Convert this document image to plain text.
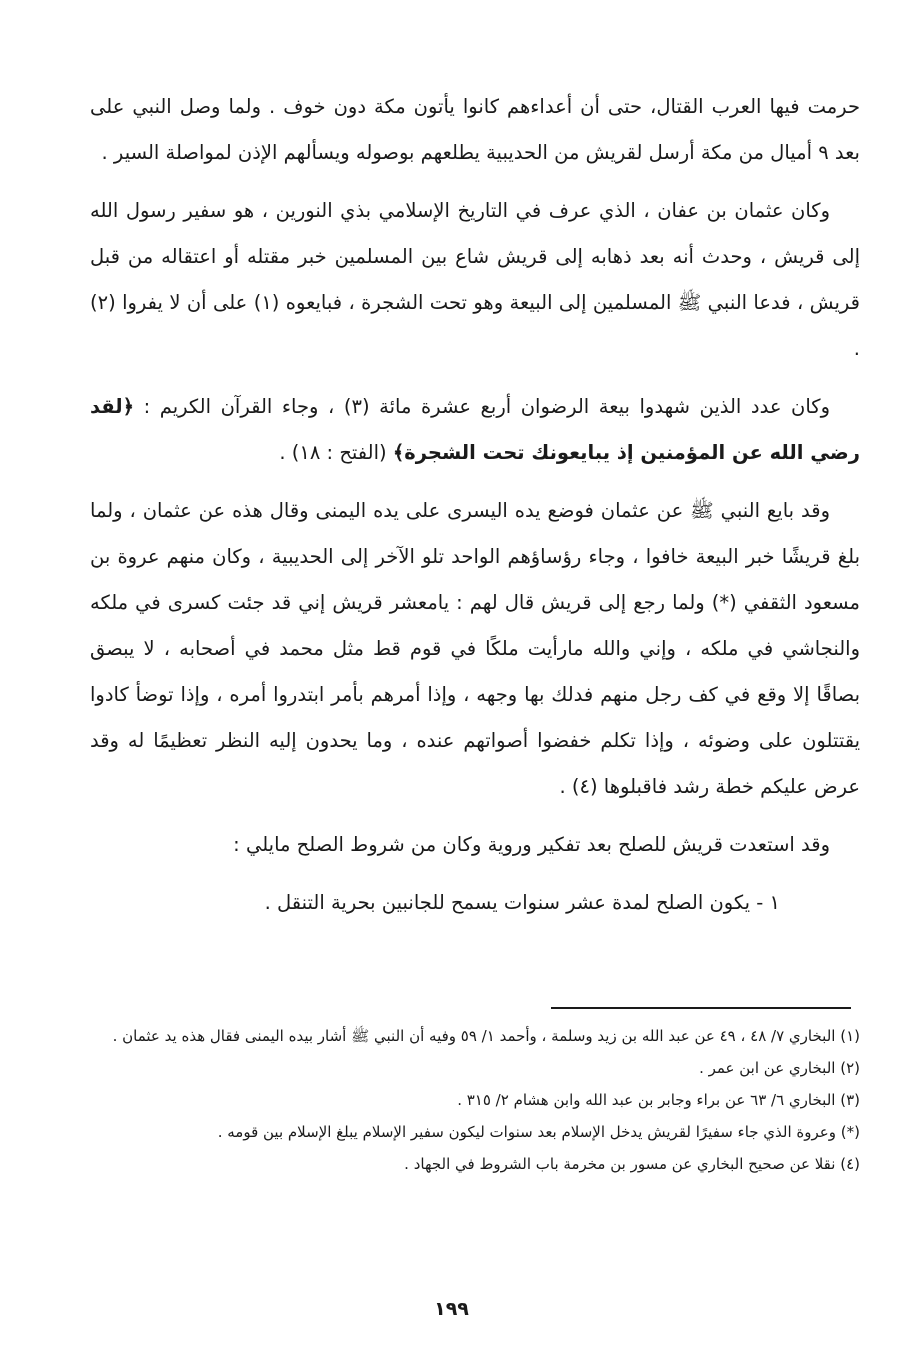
حرمت فيها العرب القتال، حتى أن أعداءهم كانوا يأتون مكة دون خوف . ولما وصل النبي على بعد ٩ أميال من مكة أرسل لقريش من الحديبية يطلعهم بوصوله ويسألهم الإذن لمواصلة السير .

وكان عثمان بن عفان ، الذي عرف في التاريخ الإسلامي بذي النورين ، هو سفير رسول الله إلى قريش ، وحدث أنه بعد ذهابه إلى قريش شاع بين المسلمين خبر مقتله أو اعتقاله من قبل قريش ، فدعا النبي ﷺ المسلمين إلى البيعة وهو تحت الشجرة ، فبايعوه (١) على أن لا يفروا (٢) .

وكان عدد الذين شهدوا بيعة الرضوان أربع عشرة مائة (٣) ، وجاء القرآن الكريم : ﴿لقد رضي الله عن المؤمنين إذ يبايعونك تحت الشجرة﴾ (الفتح : ١٨) .

وقد بايع النبي ﷺ عن عثمان فوضع يده اليسرى على يده اليمنى وقال هذه عن عثمان ، ولما بلغ قريشًا خبر البيعة خافوا ، وجاء رؤساؤهم الواحد تلو الآخر إلى الحديبية ، وكان منهم عروة بن مسعود الثقفي (*) ولما رجع إلى قريش قال لهم : يامعشر قريش إني قد جئت كسرى في ملكه والنجاشي في ملكه ، وإني والله مارأيت ملكًا في قوم قط مثل محمد في أصحابه ، لا يبصق بصاقًا إلا وقع في كف رجل منهم فدلك بها وجهه ، وإذا أمرهم بأمر ابتدروا أمره ، وإذا توضأ كادوا يقتتلون على وضوئه ، وإذا تكلم خفضوا أصواتهم عنده ، وما يحدون إليه النظر تعظيمًا له وقد عرض عليكم خطة رشد فاقبلوها (٤) .

وقد استعدت قريش للصلح بعد تفكير وروية وكان من شروط الصلح مايلي :

١ - يكون الصلح لمدة عشر سنوات يسمح للجانبين بحرية التنقل .

(١) البخاري ٧/ ٤٨ ، ٤٩ عن عبد الله بن زيد وسلمة ، وأحمد ١/ ٥٩ وفيه أن النبي ﷺ أشار بيده اليمنى فقال هذه يد عثمان .

(٢) البخاري عن ابن عمر .

(٣) البخاري ٦/ ٦٣ عن براء وجابر بن عبد الله وابن هشام ٢/ ٣١٥ .

(*) وعروة الذي جاء سفيرًا لقريش يدخل الإسلام بعد سنوات ليكون سفير الإسلام يبلغ الإسلام بين قومه .

(٤) نقلا عن صحيح البخاري عن مسور بن مخرمة باب الشروط في الجهاد .

١٩٩
